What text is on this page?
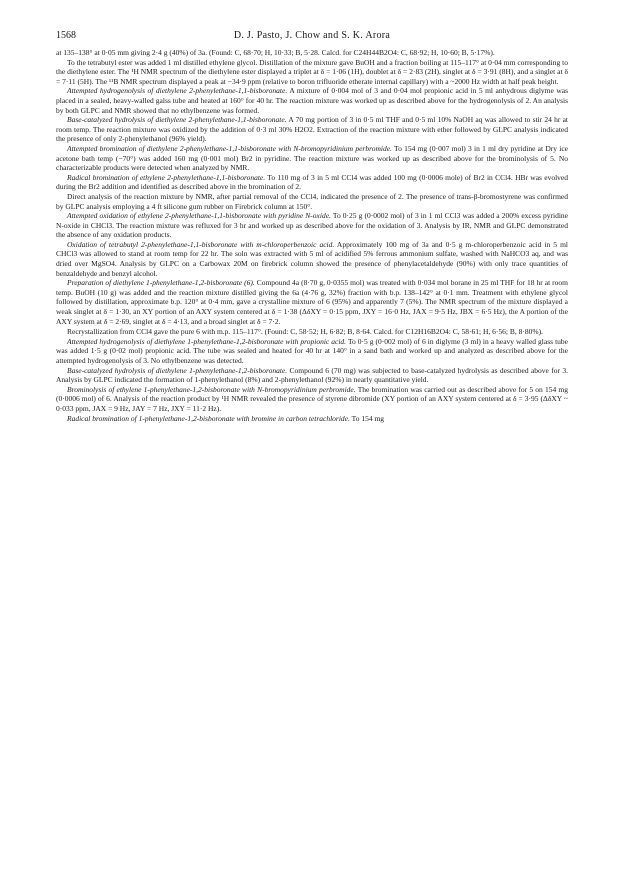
1568	D. J. Pasto, J. Chow and S. K. Arora

at 135–138° at 0·05 mm giving 2·4 g (40%) of 3a. (Found: C, 68·70; H, 10·33; B, 5·28. Calcd. for C24H44B2O4: C, 68·92; H, 10·60; B, 5·17%).

To the tetrabutyl ester was added 1 ml distilled ethylene glycol. Distillation of the mixture gave BuOH and a fraction boiling at 115–117° at 0·04 mm corresponding to the diethylene ester. The ¹H NMR spectrum of the diethylene ester displayed a triplet at δ = 1·06 (1H), doublet at δ = 2·83 (2H), singlet at δ = 3·91 (8H), and a singlet at δ = 7·11 (5H). The ¹¹B NMR spectrum displayed a peak at −34·9 ppm (relative to boron trifluoride etherate internal capillary) with a ~2000 Hz width at half peak height.

Attempted hydrogenolysis of diethylene 2-phenylethane-1,1-bisboronate. A mixture of 0·004 mol of 3 and 0·04 mol propionic acid in 5 ml anhydrous diglyme was placed in a sealed, heavy-walled galss tube and heated at 160° for 40 hr. The reaction mixture was worked up as described above for the hydrogenolysis of 2. An analysis by both GLPC and NMR showed that no ethylbenzene was formed.

Base-catalyzed hydrolysis of diethylene 2-phenylethane-1,1-bisboronate. A 70 mg portion of 3 in 0·5 ml THF and 0·5 ml 10% NaOH aq was allowed to stir 24 hr at room temp. The reaction mixture was oxidized by the addition of 0·3 ml 30% H2O2. Extraction of the reaction mixture with ether followed by GLPC analysis indicated the presence of only 2-phenylethanol (96% yield).

Attempted bromination of diethylene 2-phenylethane-1,1-bisboronate with N-bromopyridinium perbromide. To 154 mg (0·007 mol) 3 in 1 ml dry pyridine at Dry ice acetone bath temp (−70°) was added 160 mg (0·001 mol) Br2 in pyridine. The reaction mixture was worked up as described above for the brominolysis of 5. No characterizable products were detected when analyzed by NMR.

Radical bromination of ethylene 2-phenylethane-1,1-bisboronate. To 110 mg of 3 in 5 ml CCl4 was added 100 mg (0·0006 mole) of Br2 in CCl4. HBr was evolved during the Br2 addition and identified as described above in the bromination of 2.

Direct analysis of the reaction mixture by NMR, after partial removal of the CCl4, indicated the presence of 2. The presence of trans-β-bromostyrene was confirmed by GLPC analysis employing a 4 ft silicone gum rubber on Firebrick column at 150°.

Attempted oxidation of ethylene 2-phenylethane-1,1-bisboronate with pyridine N-oxide. To 0·25 g (0·0002 mol) of 3 in 1 ml CCl3 was added a 200% excess pyridine N-oxide in CHCl3. The reaction mixture was refluxed for 3 hr and worked up as described above for the oxidation of 3. Analysis by IR, NMR and GLPC demonstrated the absence of any oxidation products.

Oxidation of tetrabutyl 2-phenylethane-1,1-bisboronate with m-chloroperbenzoic acid. Approximately 100 mg of 3a and 0·5 g m-chloroperbenzoic acid in 5 ml CHCl3 was allowed to stand at room temp for 22 hr. The soln was extracted with 5 ml of acidified 5% ferrous ammonium sulfate, washed with NaHCO3 aq, and was dried over MgSO4. Analysis by GLPC on a Carbowax 20M on firebrick column showed the presence of phenylacetaldehyde (90%) with only trace quantities of benzaldehyde and benzyl alcohol.

Preparation of diethylene 1-phenylethane-1,2-bisboronate (6). Compound 4a (8·70 g, 0·0355 mol) was treated with 0·034 mol borane in 25 ml THF for 18 hr at room temp. BuOH (10 g) was added and the reaction mixture distilled giving the 6a (4·76 g, 32%) fraction with b.p. 138–142° at 0·1 mm. Treatment with ethylene glycol followed by distillation, approximate b.p. 120° at 0·4 mm, gave a crystalline mixture of 6 (95%) and apparently 7 (5%). The NMR spectrum of the mixture displayed a weak singlet at δ = 1·30, an XY portion of an AXY system centered at δ = 1·38 (ΔδXY = 0·15 ppm, JXY = 16·0 Hz, JAX = 9·5 Hz, JBX = 6·5 Hz), the A portion of the AXY system at δ = 2·69, singlet at δ = 4·13, and a broad singlet at δ = 7·2.

Recrystallization from CCl4 gave the pure 6 with m.p. 115–117°. (Found: C, 58·52; H, 6·82; B, 8·64. Calcd. for C12H16B2O4: C, 58·61; H, 6·56; B, 8·80%).

Attempted hydrogenolysis of diethylene 1-phenylethane-1,2-bisboronate with propionic acid. To 0·5 g (0·002 mol) of 6 in diglyme (3 ml) in a heavy walled glass tube was added 1·5 g (0·02 mol) propionic acid. The tube was sealed and heated for 40 hr at 140° in a sand bath and worked up and analyzed as described above for the attempted hydrogenolysis of 3. No ethylbenzene was detected.

Base-catalyzed hydrolysis of diethylene 1-phenylethane-1,2-bisboronate. Compound 6 (70 mg) was subjected to base-catalyzed hydrolysis as described above for 3. Analysis by GLPC indicated the formation of 1-phenylethanol (8%) and 2-phenylethanol (92%) in nearly quantitative yield.

Brominolysis of ethylene 1-phenylethane-1,2-bisboronate with N-bromopyridinium perbromide. The bromination was carried out as described above for 5 on 154 mg (0·0006 mol) of 6. Analysis of the reaction product by ¹H NMR revealed the presence of styrene dibromide (XY portion of an AXY system centered at δ = 3·95 (ΔδXY ~ 0·033 ppm, JAX = 9 Hz, JAY = 7 Hz, JXY = 11·2 Hz).

Radical bromination of 1-phenylethane-1,2-bisboronate with bromine in carbon tetrachloride. To 154 mg
